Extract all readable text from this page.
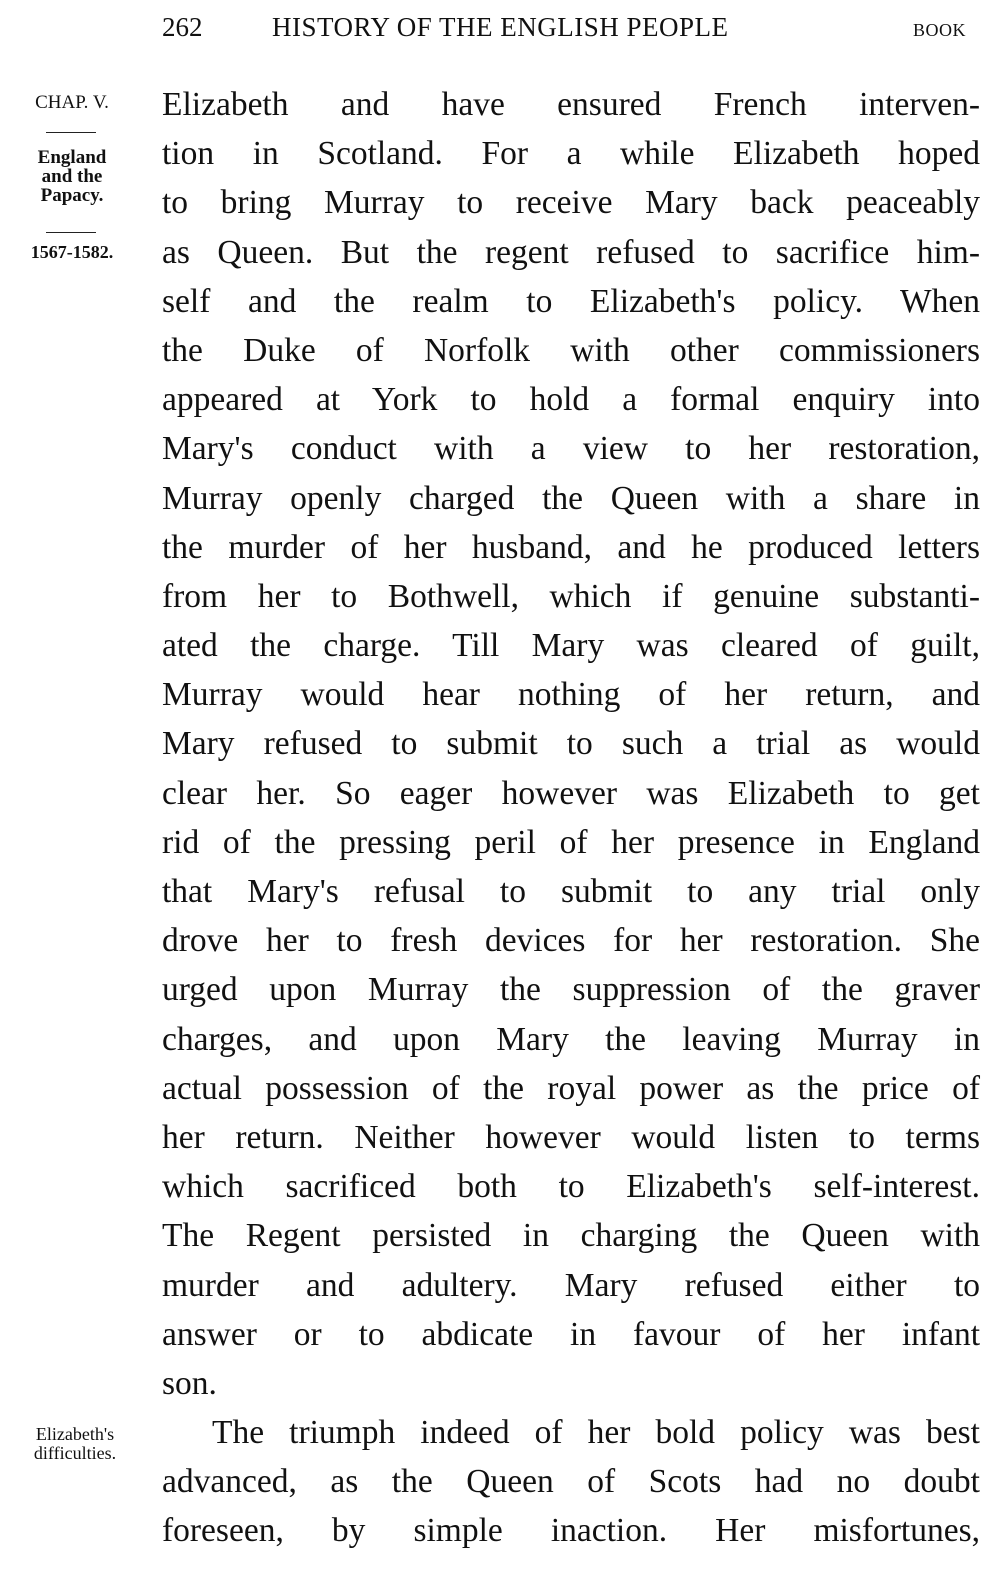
262	HISTORY OF THE ENGLISH PEOPLE	BOOK
CHAP. V.
England
and the
Papacy.
1567-1582.
Elizabeth's
difficulties.
Elizabeth and have ensured French interven-
tion in Scotland. For a while Elizabeth hoped
to bring Murray to receive Mary back peaceably
as Queen. But the regent refused to sacrifice him-
self and the realm to Elizabeth's policy. When
the Duke of Norfolk with other commissioners
appeared at York to hold a formal enquiry into
Mary's conduct with a view to her restoration,
Murray openly charged the Queen with a share in
the murder of her husband, and he produced letters
from her to Bothwell, which if genuine substanti-
ated the charge. Till Mary was cleared of guilt,
Murray would hear nothing of her return, and
Mary refused to submit to such a trial as would
clear her. So eager however was Elizabeth to get
rid of the pressing peril of her presence in England
that Mary's refusal to submit to any trial only
drove her to fresh devices for her restoration. She
urged upon Murray the suppression of the graver
charges, and upon Mary the leaving Murray in
actual possession of the royal power as the price of
her return. Neither however would listen to terms
which sacrificed both to Elizabeth's self-interest.
The Regent persisted in charging the Queen with
murder and adultery. Mary refused either to
answer or to abdicate in favour of her infant
son.
The triumph indeed of her bold policy was best
advanced, as the Queen of Scots had no doubt
foreseen, by simple inaction. Her misfortunes,
